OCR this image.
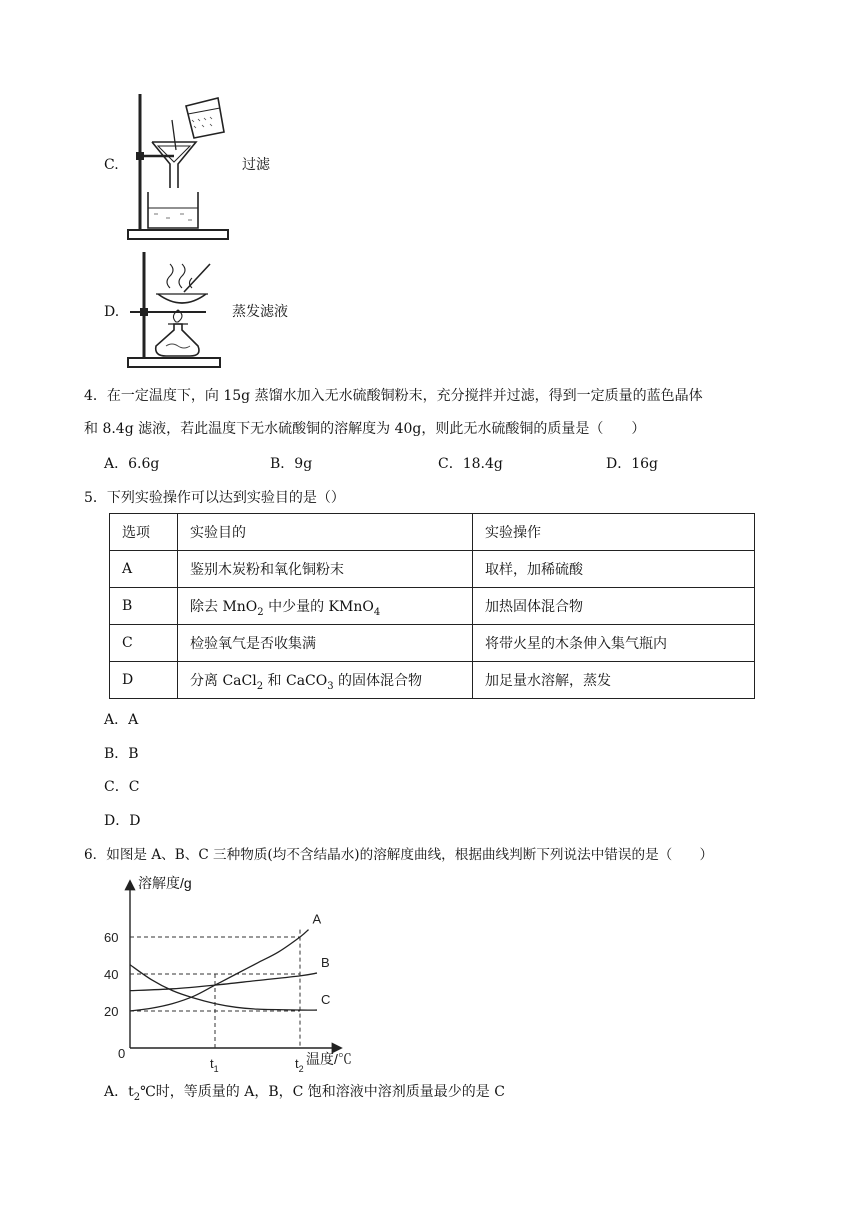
C.	过滤
D.	蒸发滤液
4．在一定温度下，向 15g 蒸馏水加入无水硫酸铜粉末，充分搅拌并过滤，得到一定质量的蓝色晶体
和 8.4g 滤液，若此温度下无水硫酸铜的溶解度为 40g，则此无水硫酸铜的质量是（　　）
A．6.6g	B．9g	C．18.4g	D．16g
5．下列实验操作可以达到实验目的是（）
选项	实验目的	实验操作
A	鉴别木炭粉和氧化铜粉末	取样，加稀硫酸
B	除去 MnO$_2$ 中少量的 KMnO$_4$	加热固体混合物
C	检验氧气是否收集满	将带火星的木条伸入集气瓶内
D	分离 CaCl$_2$ 和 CaCO$_3$ 的固体混合物	加足量水溶解，蒸发
A．A
B．B
C．C
D．D
6．如图是 A、B、C 三种物质(均不含结晶水)的溶解度曲线，根据曲线判断下列说法中错误的是（　　）
20
40
60
$t_1$	$t_2$
A
B
C
溶解度/g
温度/℃
0
A．$t_2℃$时，等质量的 A，B，C 饱和溶液中溶剂质量最少的是 C
